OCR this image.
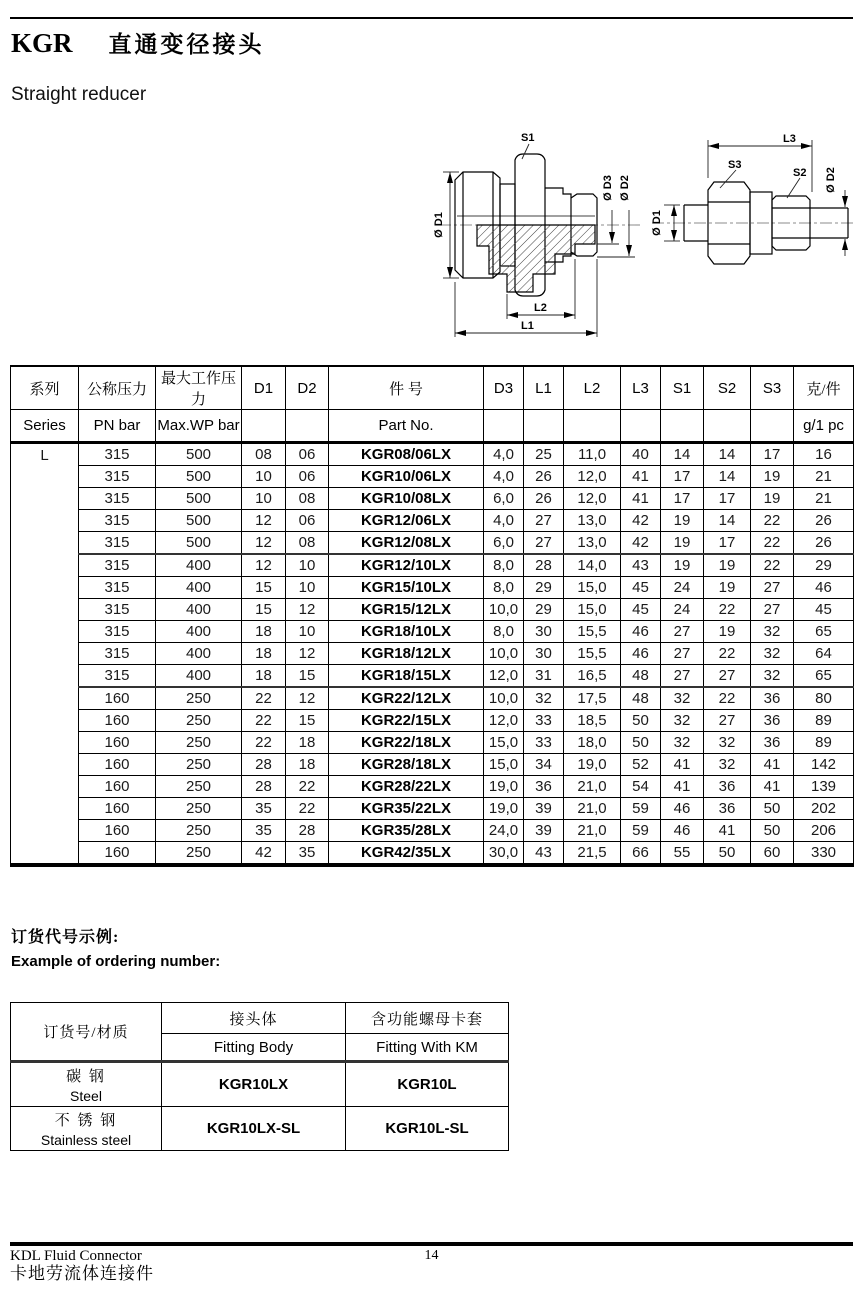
KGR 直通变径接头
Straight reducer
S1
Ø D1
Ø D3 Ø D2
L2
L1
L3
S3
S2
Ø D1
Ø D2
系列	公称压力	最大工作压力	D1	D2	件 号	D3	L1	L2	L3	S1	S2	S3	克/件
Series	PN bar	Max.WP bar			Part No.								g/1 pc
L	315	500	08	06	KGR08/06LX	4,0	25	11,0	40	14	14	17	16
	315	500	10	06	KGR10/06LX	4,0	26	12,0	41	17	14	19	21
	315	500	10	08	KGR10/08LX	6,0	26	12,0	41	17	17	19	21
	315	500	12	06	KGR12/06LX	4,0	27	13,0	42	19	14	22	26
	315	500	12	08	KGR12/08LX	6,0	27	13,0	42	19	17	22	26
	315	400	12	10	KGR12/10LX	8,0	28	14,0	43	19	19	22	29
	315	400	15	10	KGR15/10LX	8,0	29	15,0	45	24	19	27	46
	315	400	15	12	KGR15/12LX	10,0	29	15,0	45	24	22	27	45
	315	400	18	10	KGR18/10LX	8,0	30	15,5	46	27	19	32	65
	315	400	18	12	KGR18/12LX	10,0	30	15,5	46	27	22	32	64
	315	400	18	15	KGR18/15LX	12,0	31	16,5	48	27	27	32	65
	160	250	22	12	KGR22/12LX	10,0	32	17,5	48	32	22	36	80
	160	250	22	15	KGR22/15LX	12,0	33	18,5	50	32	27	36	89
	160	250	22	18	KGR22/18LX	15,0	33	18,0	50	32	32	36	89
	160	250	28	18	KGR28/18LX	15,0	34	19,0	52	41	32	41	142
	160	250	28	22	KGR28/22LX	19,0	36	21,0	54	41	36	41	139
	160	250	35	22	KGR35/22LX	19,0	39	21,0	59	46	36	50	202
	160	250	35	28	KGR35/28LX	24,0	39	21,0	59	46	41	50	206
	160	250	42	35	KGR42/35LX	30,0	43	21,5	66	55	50	60	330
订货代号示例:
Example of ordering number:
订货号/材质	接头体	含功能螺母卡套
	Fitting Body	Fitting With KM

碳 钢
Steel	KGR10LX	KGR10L

不 锈 钢
Stainless steel	KGR10LX-SL	KGR10L-SL
KDL Fluid Connector
卡地劳流体连接件
14
